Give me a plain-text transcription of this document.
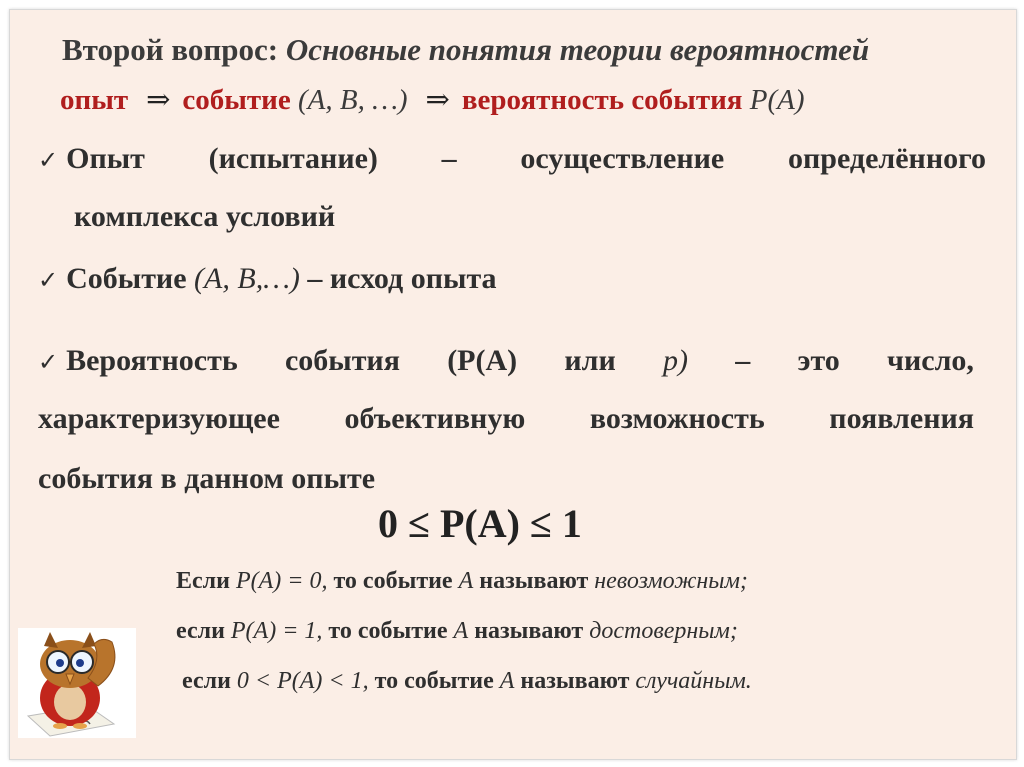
Второй вопрос: Основные понятия теории вероятностей
опыт ⇒ событие (A, B, …) ⇒ вероятность события P(A)
✓ Опыт (испытание) – осуществление определённого
комплекса условий
✓ Событие (A, B,…) – исход опыта
✓ Вероятность события (Р(А) или p) – это число,
характеризующее объективную возможность появления
события в данном опыте
0 ≤ P(A) ≤ 1
Если P(A) = 0, то событие A называют невозможным;
если P(A) = 1, то событие A называют достоверным;
если 0 < P(A) < 1, то событие A называют случайным.
